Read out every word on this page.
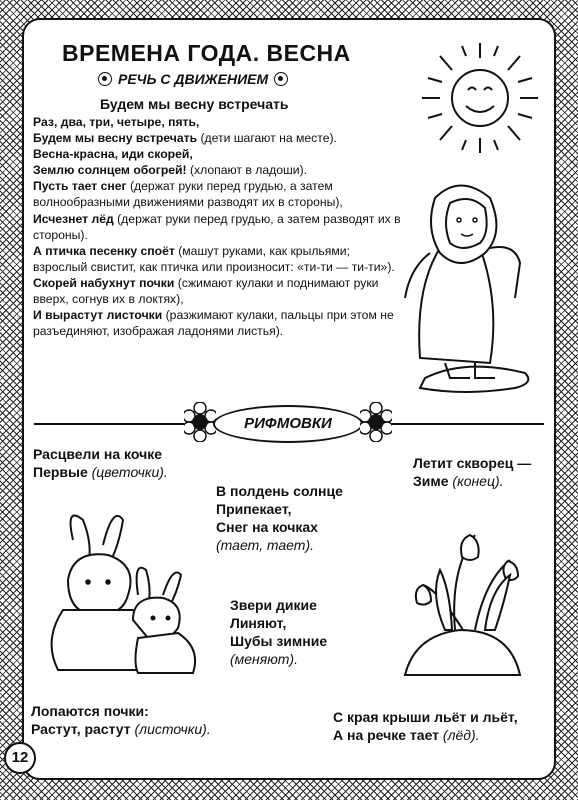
ВРЕМЕНА ГОДА. ВЕСНА
РЕЧЬ С ДВИЖЕНИЕМ
Будем мы весну встречать

Раз, два, три, четыре, пять,

Будем мы весну встречать (дети шагают на месте).

Весна-красна, иди скорей,

Землю солнцем обогрей! (хлопают в ладоши).

Пусть тает снег (держат руки перед грудью, а затем волнообразными движениями разводят их в стороны),

Исчезнет лёд (держат руки перед грудью, а затем разводят их в стороны).

А птичка песенку споёт (машут руками, как крыльями; взрослый свистит, как птичка или произносит: «ти-ти — ти-ти»).

Скорей набухнут почки (сжимают кулаки и поднимают руки вверх, согнув их в локтях),

И вырастут листочки (разжимают кулаки, пальцы при этом не разъединяют, изображая ладонями листья).

РИФМОВКИ
Расцвели на кочке
Первые (цветочки).
Летит скворец —
Зиме (конец).
В полдень солнце
Припекает,
Снег на кочках
(тает, тает).
Звери дикие
Линяют,
Шубы зимние
(меняют).
Лопаются почки:
Растут, растут (листочки).
С края крыши льёт и льёт,
А на речке тает (лёд).
12
